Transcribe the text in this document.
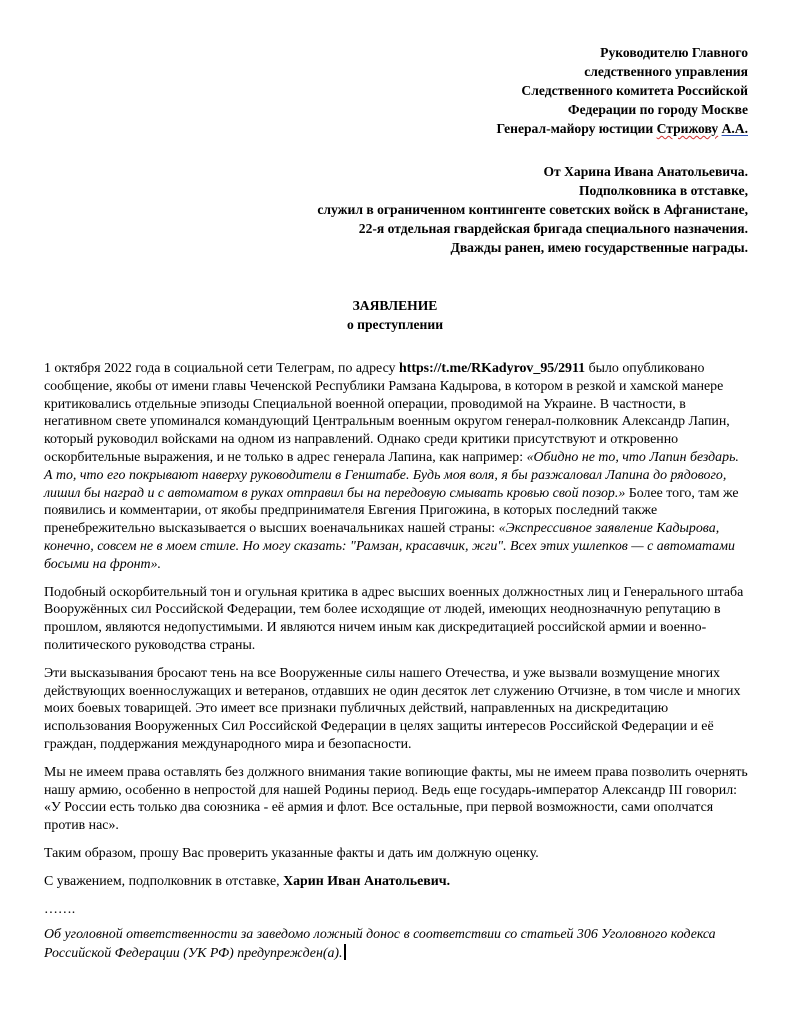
Руководителю Главного
следственного управления
Следственного комитета Российской
Федерации по городу Москве
Генерал-майору юстиции Стрижову А.А.
От Харина Ивана Анатольевича.
Подполковника в отставке,
служил в ограниченном контингенте советских войск в Афганистане,
22-я отдельная гвардейская бригада специального назначения.
Дважды ранен, имею государственные награды.
ЗАЯВЛЕНИЕ
о преступлении

1 октября 2022 года в социальной сети Телеграм, по адресу https://t.me/RKadyrov_95/2911 было опубликовано сообщение, якобы от имени главы Чеченской Республики Рамзана Кадырова, в котором в резкой и хамской манере критиковались отдельные эпизоды Специальной военной операции, проводимой на Украине. В частности, в негативном свете упоминался командующий Центральным военным округом генерал-полковник Александр Лапин, который руководил войсками на одном из направлений. Однако среди критики присутствуют и откровенно оскорбительные выражения, и не только в адрес генерала Лапина, как например: «Обидно не то, что Лапин бездарь. А то, что его покрывают наверху руководители в Генштабе. Будь моя воля, я бы разжаловал Лапина до рядового, лишил бы наград и с автоматом в руках отправил бы на передовую смывать кровью свой позор.» Более того, там же появились и комментарии, от якобы предпринимателя Евгения Пригожина, в которых последний также пренебрежительно высказывается о высших военачальниках нашей страны: «Экспрессивное заявление Кадырова, конечно, совсем не в моем стиле. Но могу сказать: "Рамзан, красавчик, жги". Всех этих ушлепков — с автоматами босыми на фронт».

Подобный оскорбительный тон и огульная критика в адрес высших военных должностных лиц и Генерального штаба Вооружённых сил Российской Федерации, тем более исходящие от людей, имеющих неоднозначную репутацию в прошлом, являются недопустимыми. И являются ничем иным как дискредитацией российской армии и военно-политического руководства страны.

Эти высказывания бросают тень на все Вооруженные силы нашего Отечества, и уже вызвали возмущение многих действующих военнослужащих и ветеранов, отдавших не один десяток лет служению Отчизне, в том числе и многих моих боевых товарищей. Это имеет все признаки публичных действий, направленных на дискредитацию использования Вооруженных Сил Российской Федерации в целях защиты интересов Российской Федерации и её граждан, поддержания международного мира и безопасности.

Мы не имеем права оставлять без должного внимания такие вопиющие факты, мы не имеем права позволить очернять нашу армию, особенно в непростой для нашей Родины период. Ведь еще государь-император Александр III говорил: «У России есть только два союзника - её армия и флот. Все остальные, при первой возможности, сами ополчатся против нас».

Таким образом, прошу Вас проверить указанные факты и дать им должную оценку.

С уважением, подполковник в отставке, Харин Иван Анатольевич.

…….

Об уголовной ответственности за заведомо ложный донос в соответствии со статьей 306 Уголовного кодекса Российской Федерации (УК РФ) предупрежден(а).
